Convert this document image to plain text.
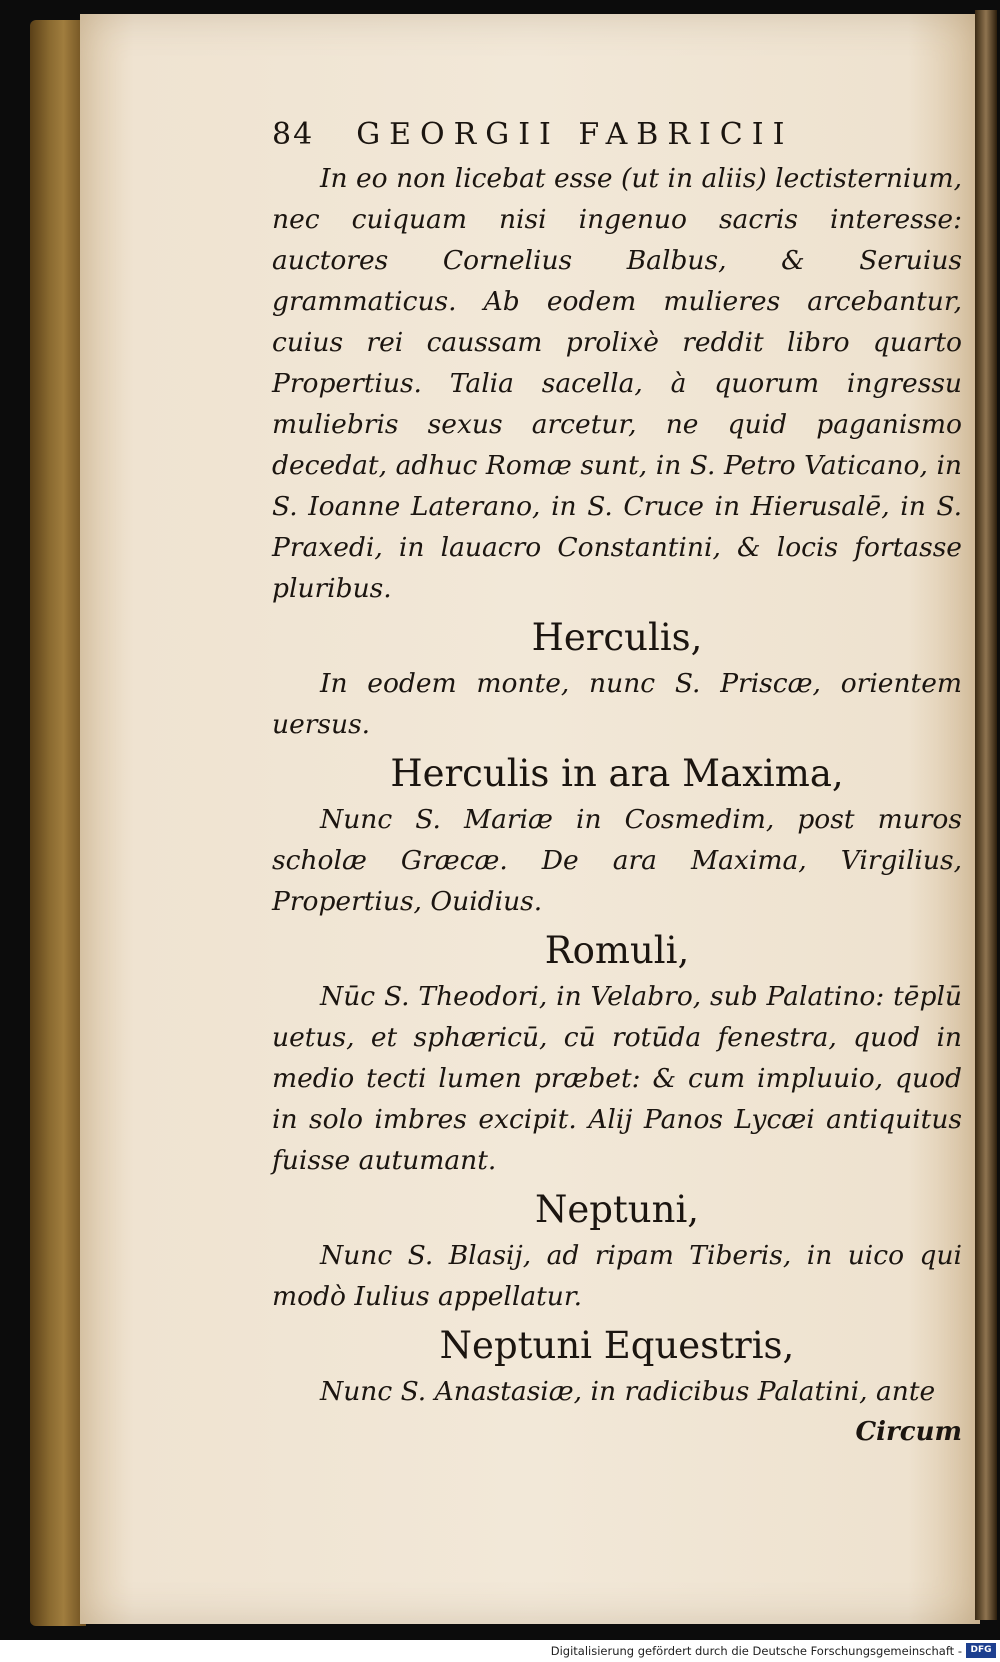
84 GEORGII FABRICII

In eo non licebat esse (ut in aliis) lectisternium, nec cuiquam nisi ingenuo sacris interesse: auctores Cornelius Balbus, & Seruius grammaticus. Ab eodem mulieres arcebantur, cuius rei caussam prolixè reddit libro quarto Propertius. Talia sacella, à quorum ingressu muliebris sexus arcetur, ne quid paganismo decedat, adhuc Romæ sunt, in S. Petro Vaticano, in S. Ioanne Laterano, in S. Cruce in Hierusalē, in S. Praxedi, in lauacro Constantini, & locis fortasse pluribus.

Herculis,

In eodem monte, nunc S. Priscæ, orientem uersus.

Herculis in ara Maxima,

Nunc S. Mariæ in Cosmedim, post muros scholæ Græcæ. De ara Maxima, Virgilius, Propertius, Ouidius.

Romuli,

Nūc S. Theodori, in Velabro, sub Palatino: tēplū uetus, et sphæricū, cū rotūda fenestra, quod in medio tecti lumen præbet: & cum impluuio, quod in solo imbres excipit. Alij Panos Lycæi antiquitus fuisse autumant.

Neptuni,

Nunc S. Blasij, ad ripam Tiberis, in uico qui modò Iulius appellatur.

Neptuni Equestris,

Nunc S. Anastasiæ, in radicibus Palatini, ante

Circum
Digitalisierung gefördert durch die Deutsche Forschungsgemeinschaft - DFG
